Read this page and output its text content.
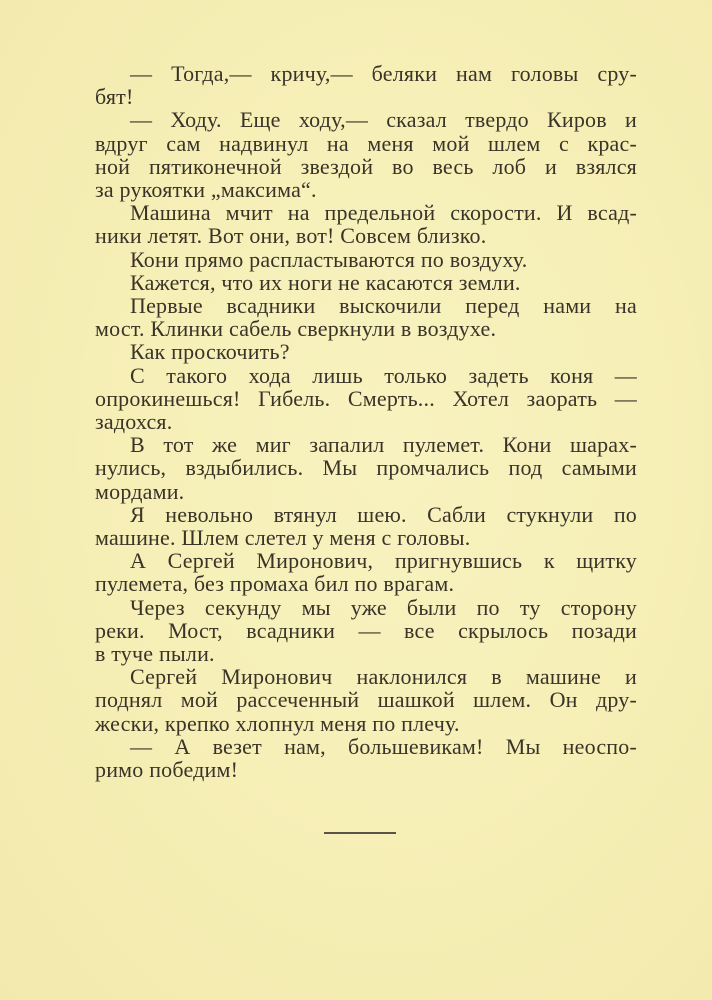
— Тогда,— кричу,— беляки нам головы сру-
бят!
— Ходу. Еще ходу,— сказал твердо Киров и
вдруг сам надвинул на меня мой шлем с крас-
ной пятиконечной звездой во весь лоб и взялся
за рукоятки „максима“.
Машина мчит на предельной скорости. И всад-
ники летят. Вот они, вот! Совсем близко.
Кони прямо распластываются по воздуху.
Кажется, что их ноги не касаются земли.
Первые всадники выскочили перед нами на
мост. Клинки сабель сверкнули в воздухе.
Как проскочить?
С такого хода лишь только задеть коня —
опрокинешься! Гибель. Смерть... Хотел заорать —
задохся.
В тот же миг запалил пулемет. Кони шарах-
нулись, вздыбились. Мы промчались под самыми
мордами.
Я невольно втянул шею. Сабли стукнули по
машине. Шлем слетел у меня с головы.
А Сергей Миронович, пригнувшись к щитку
пулемета, без промаха бил по врагам.
Через секунду мы уже были по ту сторону
реки. Мост, всадники — все скрылось позади
в туче пыли.
Сергей Миронович наклонился в машине и
поднял мой рассеченный шашкой шлем. Он дру-
жески, крепко хлопнул меня по плечу.
— А везет нам, большевикам! Мы неоспо-
римо победим!
